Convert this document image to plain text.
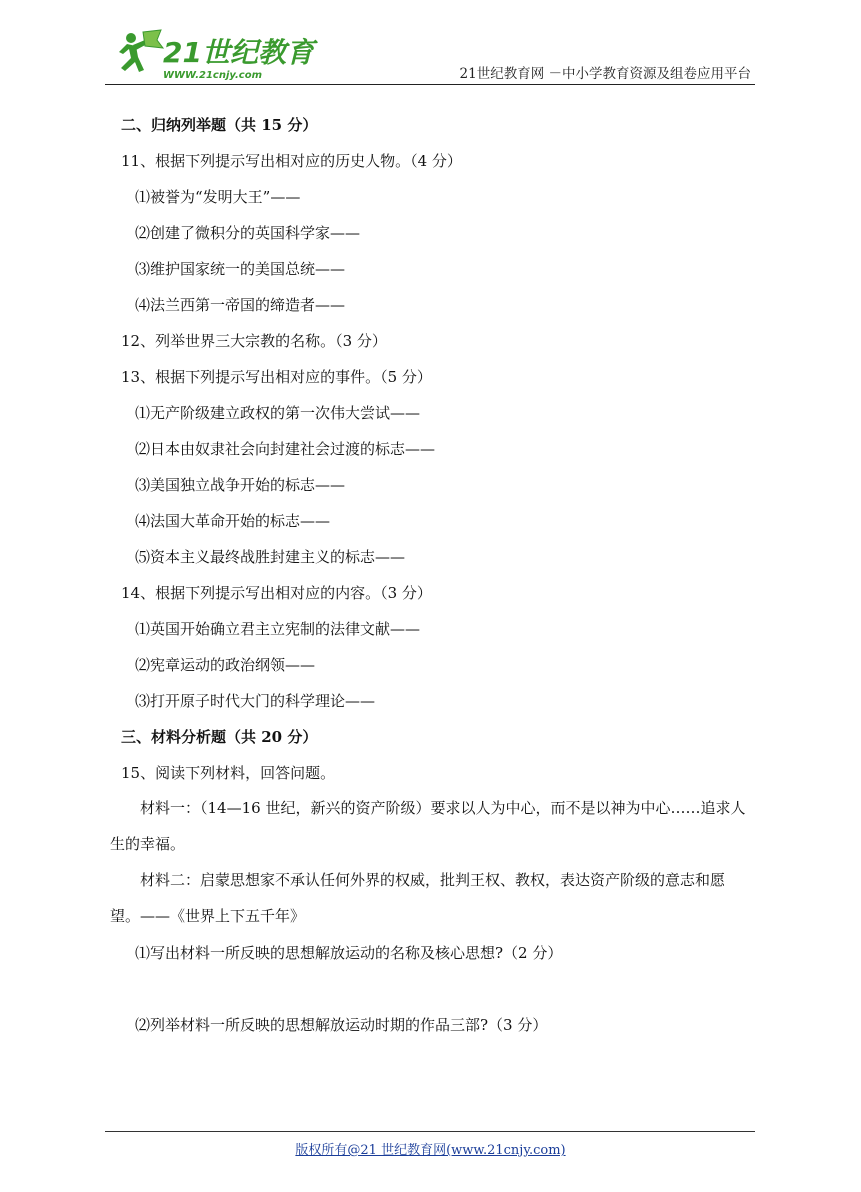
21世纪教育
WWW.21cnjy.com	21世纪教育网 －中小学教育资源及组卷应用平台
二、归纳列举题（共 15 分）
11、根据下列提示写出相对应的历史人物。（4 分）
⑴被誉为“发明大王”——
⑵创建了微积分的英国科学家——
⑶维护国家统一的美国总统——
⑷法兰西第一帝国的缔造者——
12、列举世界三大宗教的名称。（3 分）
13、根据下列提示写出相对应的事件。（5 分）
⑴无产阶级建立政权的第一次伟大尝试——
⑵日本由奴隶社会向封建社会过渡的标志——
⑶美国独立战争开始的标志——
⑷法国大革命开始的标志——
⑸资本主义最终战胜封建主义的标志——
14、根据下列提示写出相对应的内容。（3 分）
⑴英国开始确立君主立宪制的法律文献——
⑵宪章运动的政治纲领——
⑶打开原子时代大门的科学理论——
三、材料分析题（共 20 分）
15、阅读下列材料，回答问题。
材料一：（14—16 世纪，新兴的资产阶级）要求以人为中心，而不是以神为中心……追求人生的幸福。
材料二：启蒙思想家不承认任何外界的权威，批判王权、教权，表达资产阶级的意志和愿望。——《世界上下五千年》
⑴写出材料一所反映的思想解放运动的名称及核心思想?（2 分）
⑵列举材料一所反映的思想解放运动时期的作品三部?（3 分）
版权所有@21 世纪教育网(www.21cnjy.com)
